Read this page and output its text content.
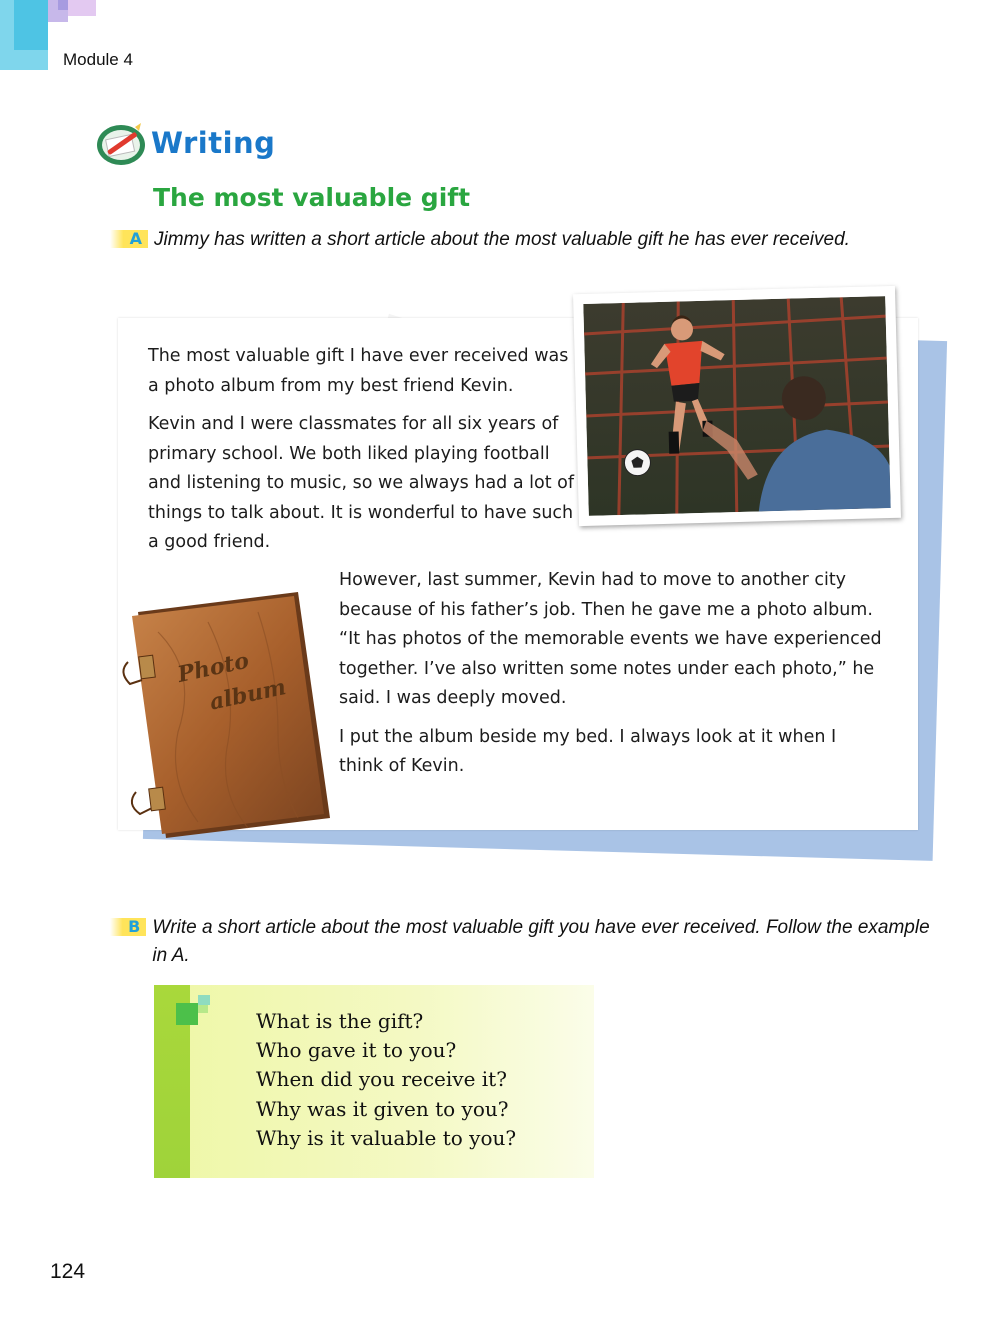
Module 4
Writing
The most valuable gift
A Jimmy has written a short article about the most valuable gift he has ever received.

The most valuable gift I have ever received was a photo album from my best friend Kevin.

Kevin and I were classmates for all six years of primary school. We both liked playing football and listening to music, so we always had a lot of things to talk about. It is wonderful to have such a good friend.

However, last summer, Kevin had to move to another city because of his father’s job. Then he gave me a photo album. “It has photos of the memorable events we have experienced together. I’ve also written some notes under each photo,” he said. I was deeply moved.

I put the album beside my bed. I always look at it when I think of Kevin.

Photo
album
B Write a short article about the most valuable gift you have ever received. Follow the example in A.
What is the gift?
Who gave it to you?
When did you receive it?
Why was it given to you?
Why is it valuable to you?
124
